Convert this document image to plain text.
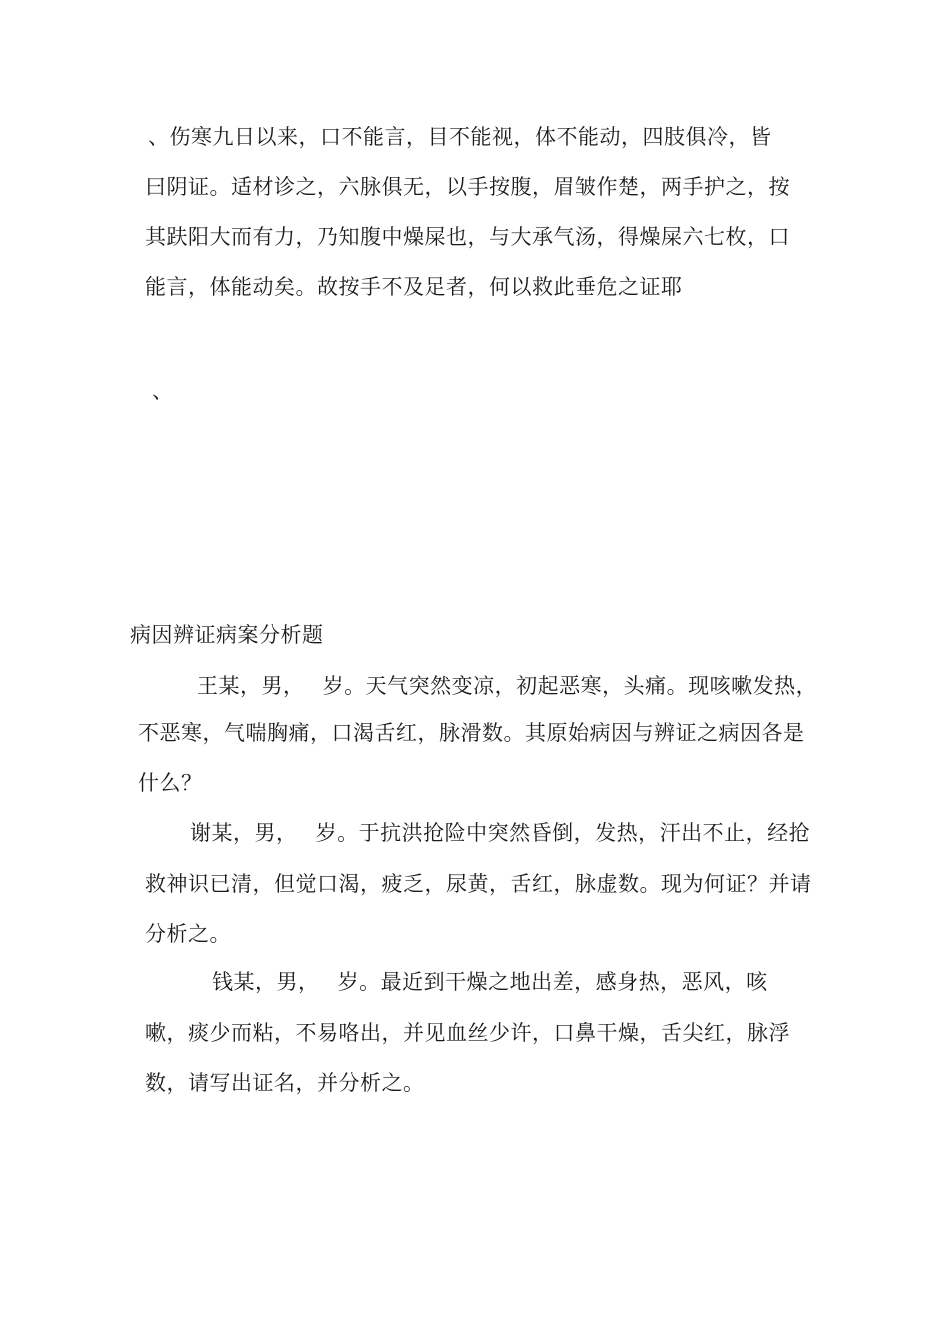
、伤寒九日以来，口不能言，目不能视，体不能动，四肢俱冷，皆
曰阴证。适材诊之，六脉俱无，以手按腹，眉皱作楚，两手护之，按
其趺阳大而有力，乃知腹中燥屎也，与大承气汤，得燥屎六七枚，口
能言，体能动矣。故按手不及足者，何以救此垂危之证耶
、
病因辨证病案分析题
王某，男，　 岁。天气突然变凉，初起恶寒，头痛。现咳嗽发热，
不恶寒，气喘胸痛，口渴舌红，脉滑数。其原始病因与辨证之病因各是
什么？
谢某，男，　 岁。于抗洪抢险中突然昏倒，发热，汗出不止，经抢
救神识已清，但觉口渴，疲乏，尿黄，舌红，脉虚数。现为何证？并请
分析之。
钱某，男，　 岁。最近到干燥之地出差，感身热，恶风，咳
嗽，痰少而粘，不易咯出，并见血丝少许，口鼻干燥，舌尖红，脉浮
数，请写出证名，并分析之。
